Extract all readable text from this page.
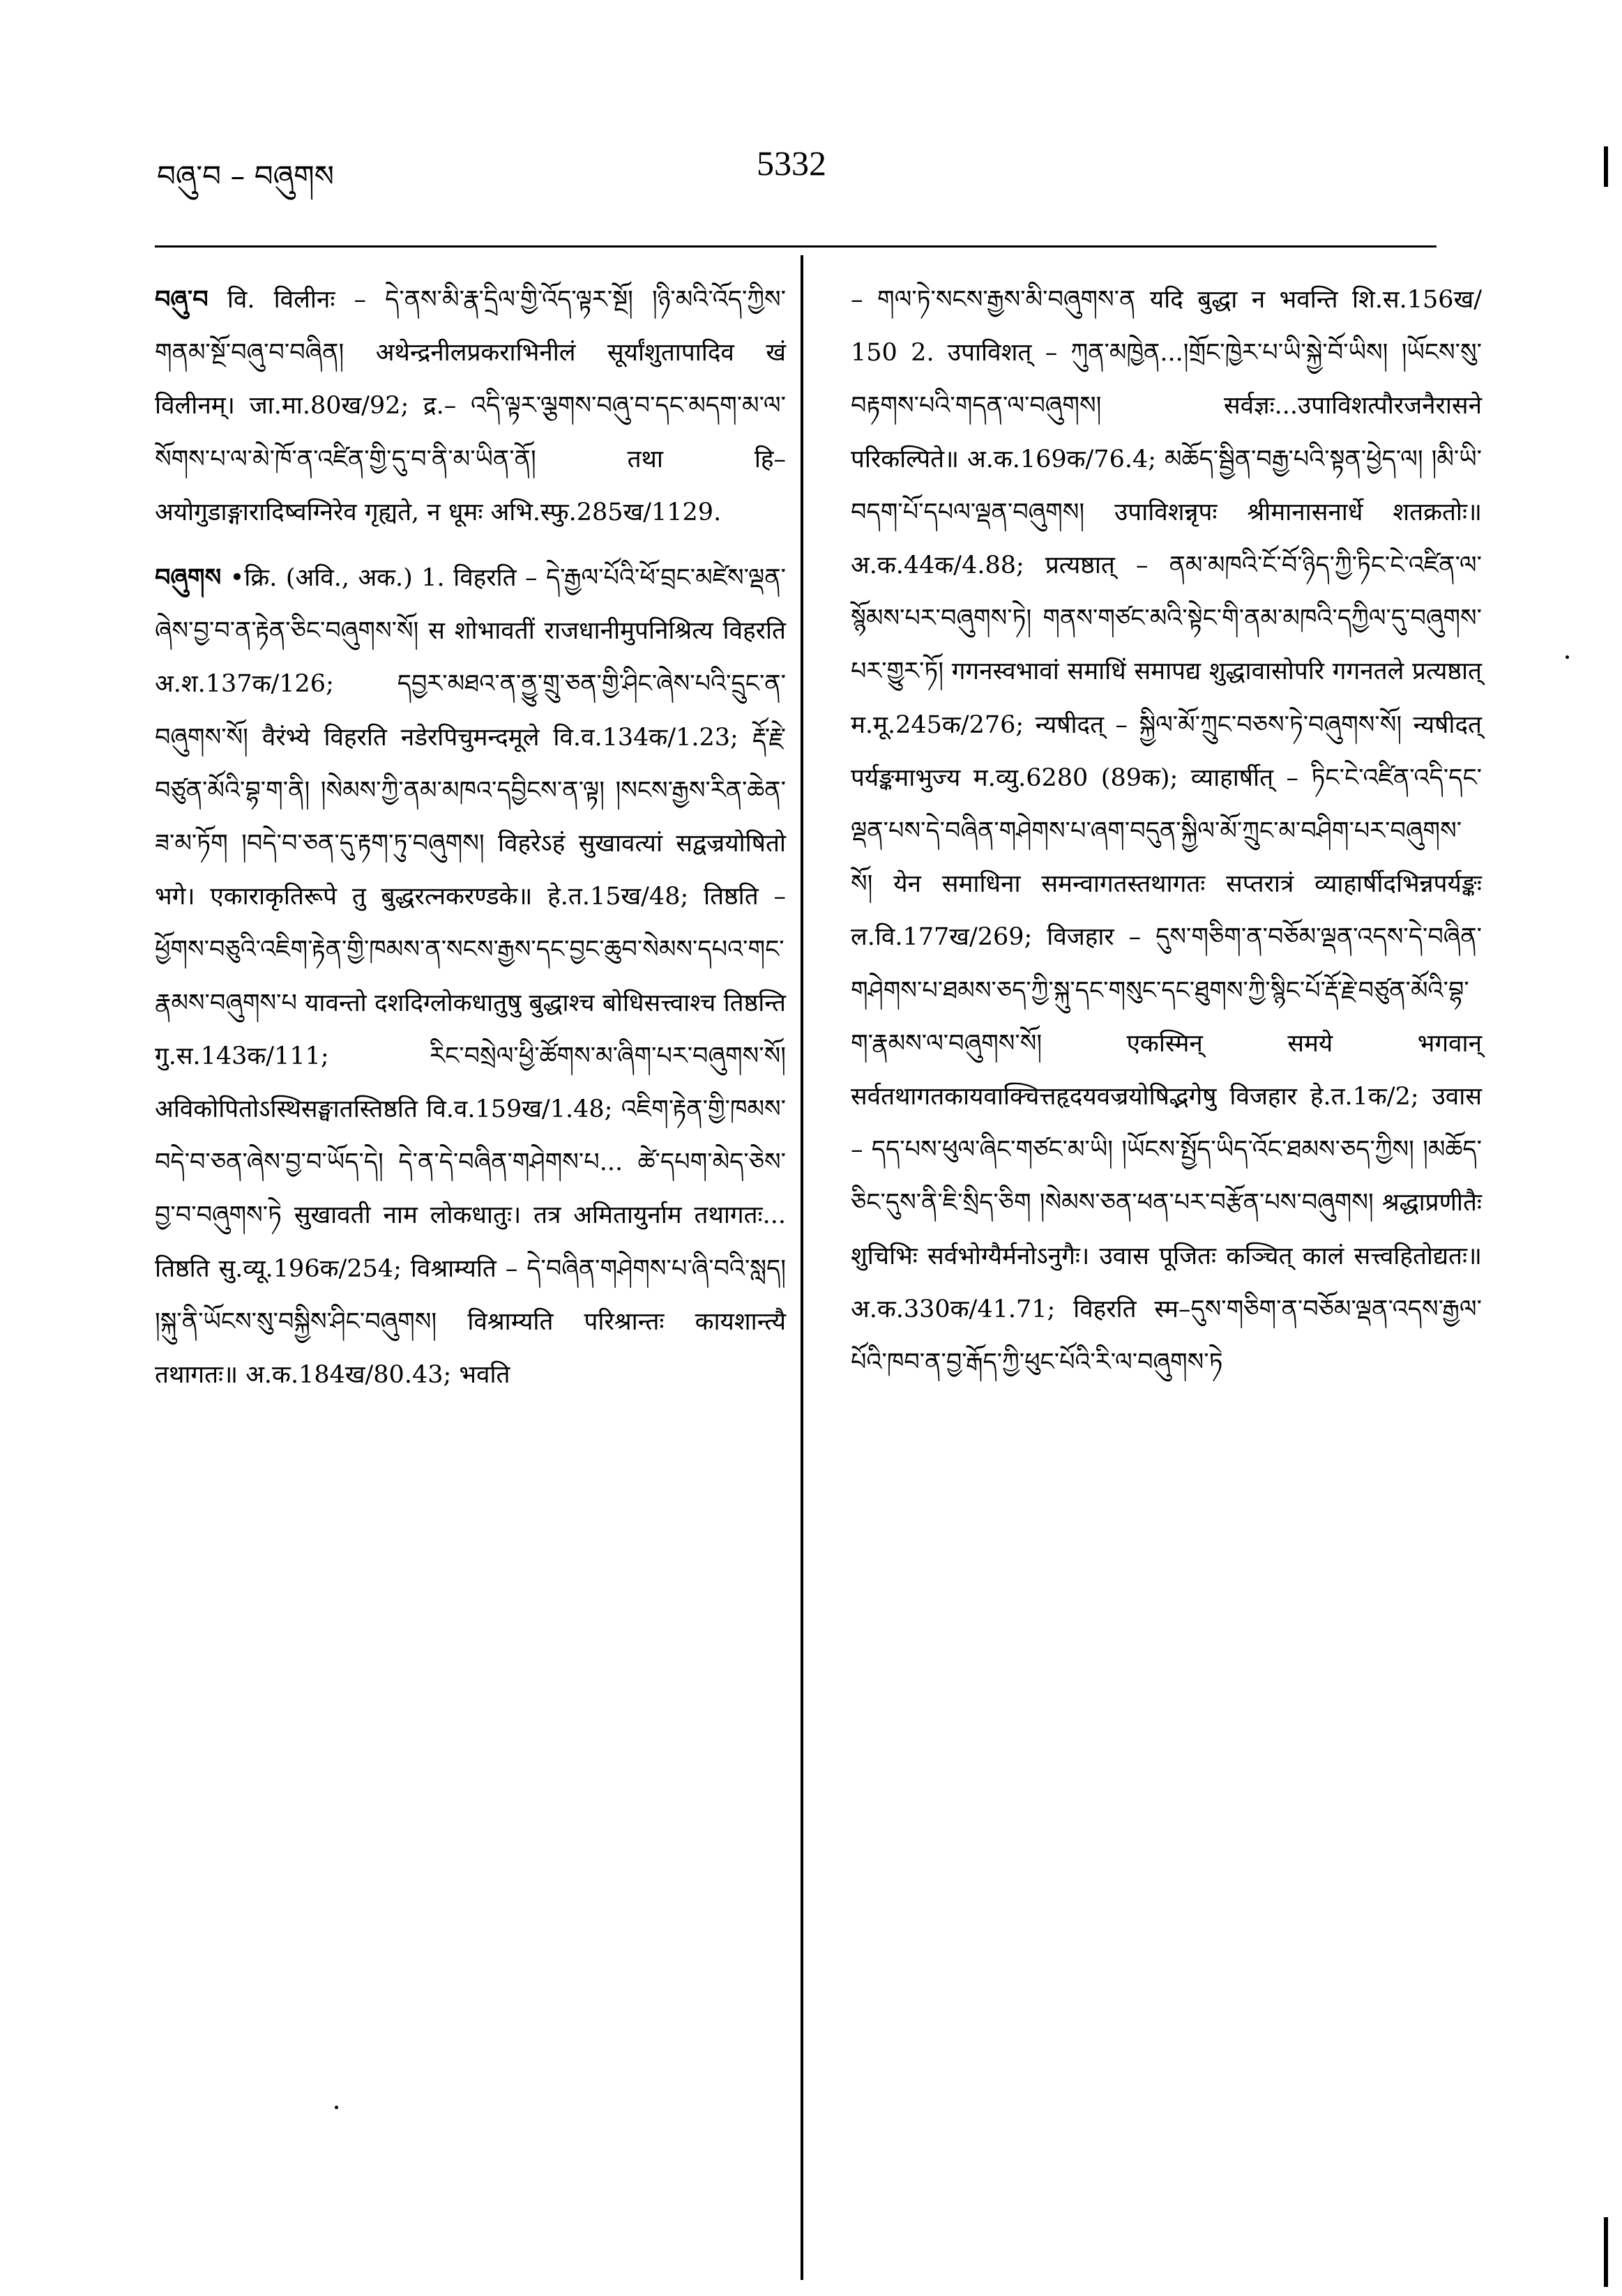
བཞུ་བ – བཞུགས	5332

བཞུ་བ वि. विलीनः – དེ་ནས་མི་རྣ་དྲིལ་གྱི་འོད་ལྟར་སྔོ། །ཉི་མའི་འོད་ཀྱིས་གནམ་སྔོ་བཞུ་བ་བཞིན། अथेन्द्रनीलप्रकराभिनीलं सूर्यांशुतापादिव खं विलीनम्। जा.मा.80ख/92; द्र.– འདི་ལྟར་ལྕགས་བཞུ་བ་དང་མདག་མ་ལ་སོགས་པ་ལ་མེ་ཁོ་ན་འཛིན་གྱི་དུ་བ་ནི་མ་ཡིན་ནོ། तथा हि–अयोगुडाङ्गारादिष्वग्निरेव गृह्यते, न धूमः अभि.स्फु.285ख/1129.

བཞུགས •क्रि. (अवि., अक.) 1. विहरति – དེ་རྒྱལ་པོའི་ཕོ་བྲང་མཛེས་ལྡན་ཞེས་བྱ་བ་ན་རྟེན་ཅིང་བཞུགས་སོ། स शोभावतीं राजधानीमुपनिश्रित्य विहरति अ.श.137क/126; དབྱར་མཐའ་ན་ནྱུ་གྲུ་ཅན་གྱི་ཤིང་ཞེས་པའི་དྲུང་ན་བཞུགས་སོ། वैरंभ्ये विहरति नडेरपिचुमन्दमूले वि.व.134क/1.23; རྡོ་རྗེ་བཙུན་མོའི་བྷ་ག་ནི། །སེམས་ཀྱི་ནམ་མཁའ་དབྱིངས་ན་ལྟ། །སངས་རྒྱས་རིན་ཆེན་ཟ་མ་ཏོག །བདེ་བ་ཅན་དུ་རྟག་ཏུ་བཞུགས། विहरेऽहं सुखावत्यां सद्वज्रयोषितो भगे। एकाराकृतिरूपे तु बुद्धरत्नकरण्डके॥ हे.त.15ख/48; तिष्ठति – ཕྱོགས་བཅུའི་འཇིག་རྟེན་གྱི་ཁམས་ན་སངས་རྒྱས་དང་བྱང་ཆུབ་སེམས་དཔའ་གང་རྣམས་བཞུགས་པ यावन्तो दशदिग्लोकधातुषु बुद्धाश्च बोधिसत्त्वाश्च तिष्ठन्ति गु.स.143क/111; རིང་བསྲེལ་ཕྱི་ཚོགས་མ་ཞིག་པར་བཞུགས་སོ། अविकोपितोऽस्थिसङ्घातस्तिष्ठति वि.व.159ख/1.48; འཇིག་རྟེན་གྱི་ཁམས་བདེ་བ་ཅན་ཞེས་བྱ་བ་ཡོད་དེ། དེ་ན་དེ་བཞིན་གཤེགས་པ... ཚེ་དཔག་མེད་ཅེས་བྱ་བ་བཞུགས་ཏེ सुखावती नाम लोकधातुः। तत्र अमितायुर्नाम तथागतः... तिष्ठति सु.व्यू.196क/254; विश्राम्यति – དེ་བཞིན་གཤེགས་པ་ཞི་བའི་སླད། །སྐུ་ནི་ཡོངས་སུ་བསྐྱིས་ཤིང་བཞུགས། विश्राम्यति परिश्रान्तः कायशान्त्यै तथागतः॥ अ.क.184ख/80.43; भवति

– གལ་ཏེ་སངས་རྒྱས་མི་བཞུགས་ན यदि बुद्धा न भवन्ति शि.स.156ख/ 150 2. उपाविशत् – ཀུན་མཁྱེན...།གྲོང་ཁྱེར་པ་ཡི་སྐྱེ་བོ་ཡིས། །ཡོངས་སུ་བརྟགས་པའི་གདན་ལ་བཞུགས། सर्वज्ञः...उपाविशत्पौरजनैरासने परिकल्पिते॥ अ.क.169क/76.4; མཆོད་སྦྱིན་བརྒྱ་པའི་སྟན་ཕྱེད་ལ། །མི་ཡི་བདག་པོ་དཔལ་ལྡན་བཞུགས། उपाविशन्नृपः श्रीमानासनार्धे शतक्रतोः॥ अ.क.44क/4.88; प्रत्यष्ठात् – ནམ་མཁའི་ངོ་བོ་ཉིད་ཀྱི་ཏིང་ངེ་འཛིན་ལ་སྙོམས་པར་བཞུགས་ཏེ། གནས་གཙང་མའི་སྟེང་གི་ནམ་མཁའི་དཀྱིལ་དུ་བཞུགས་པར་གྱུར་ཏོ། गगनस्वभावां समाधिं समापद्य शुद्धावासोपरि गगनतले प्रत्यष्ठात् म.मू.245क/276; न्यषीदत् – སྐྱིལ་མོ་ཀྲུང་བཅས་ཏེ་བཞུགས་སོ། न्यषीदत् पर्यङ्कमाभुज्य म.व्यु.6280 (89क); व्याहार्षीत् – ཏིང་ངེ་འཛིན་འདི་དང་ལྡན་པས་དེ་བཞིན་གཤེགས་པ་ཞག་བདུན་སྐྱིལ་མོ་ཀྲུང་མ་བཤིག་པར་བཞུགས་སོ། येन समाधिना समन्वागतस्तथागतः सप्तरात्रं व्याहार्षीदभिन्नपर्यङ्कः ल.वि.177ख/269; विजहार – དུས་གཅིག་ན་བཅོམ་ལྡན་འདས་དེ་བཞིན་གཤེགས་པ་ཐམས་ཅད་ཀྱི་སྐུ་དང་གསུང་དང་ཐུགས་ཀྱི་སྙིང་པོ་རྡོ་རྗེ་བཙུན་མོའི་བྷ་ག་རྣམས་ལ་བཞུགས་སོ། एकस्मिन् समये भगवान् सर्वतथागतकायवाक्चित्तहृदयवज्रयोषिद्भगेषु विजहार हे.त.1क/2; उवास – དད་པས་ཕུལ་ཞིང་གཙང་མ་ཡི། །ཡོངས་སྤྱོད་ཡིད་འོང་ཐམས་ཅད་ཀྱིས། །མཆོད་ཅིང་དུས་ནི་ཇི་སྲིད་ཅིག །སེམས་ཅན་ཕན་པར་བརྩོན་པས་བཞུགས། श्रद्धाप्रणीतैः शुचिभिः सर्वभोग्यैर्मनोऽनुगैः। उवास पूजितः कञ्चित् कालं सत्त्वहितोद्यतः॥ अ.क.330क/41.71; विहरति स्म–དུས་གཅིག་ན་བཅོམ་ལྡན་འདས་རྒྱལ་པོའི་ཁབ་ན་བྱ་རྒོད་ཀྱི་ཕུང་པོའི་རི་ལ་བཞུགས་ཏེ
